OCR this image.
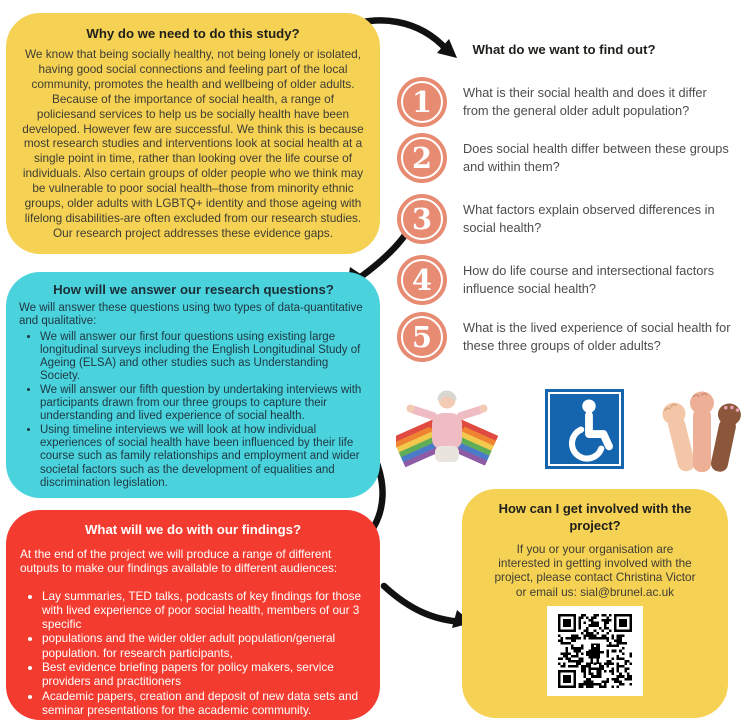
Why do we need to do this study?

We know that being socially healthy, not being lonely or isolated, having good social connections and feeling part of the local community, promotes the health and wellbeing of older adults. Because of the importance of social health, a range of policiesand services to help us be socially health have been developed. However few are successful. We think this is because most research studies and interventions look at social health at a single point in time, rather than looking over the life course of individuals. Also certain groups of older people who we think may be vulnerable to poor social health–those from minority ethnic groups, older adults with LGBTQ+ identity and those ageing with lifelong disabilities-are often excluded from our research studies. Our research project addresses these evidence gaps.

What do we want to find out?
1 What is their social health and does it differ from the general older adult population?

2 Does social health differ between these groups and within them?

3 What factors explain observed differences in social health?

4 How do life course and intersectional factors influence social health?

5 What is the lived experience of social health for these three groups of older adults?

How will we answer our research questions?

We will answer these questions using two types of data-quantitative and qualitative:

• We will answer our first four questions using existing large longitudinal surveys including the English Longitudinal Study of Ageing (ELSA) and other studies such as Understanding Society.
• We will answer our fifth question by undertaking interviews with participants drawn from our three groups to capture their understanding and lived experience of social health.
• Using timeline interviews we will look at how individual experiences of social health have been influenced by their life course such as family relationships and employment and wider societal factors such as the development of equalities and discrimination legislation.
What will we do with our findings?

At the end of the project we will produce a range of different outputs to make our findings available to different audiences:

• Lay summaries, TED talks, podcasts of key findings for those with lived experience of poor social health, members of our 3 specific
• populations and the wider older adult population/general population. for research participants,
• Best evidence briefing papers for policy makers, service providers and practitioners
• Academic papers, creation and deposit of new data sets and seminar presentations for the academic community.
How can I get involved with the project?

If you or your organisation are interested in getting involved with the project, please contact Christina Victor or email us: sial@brunel.ac.uk
